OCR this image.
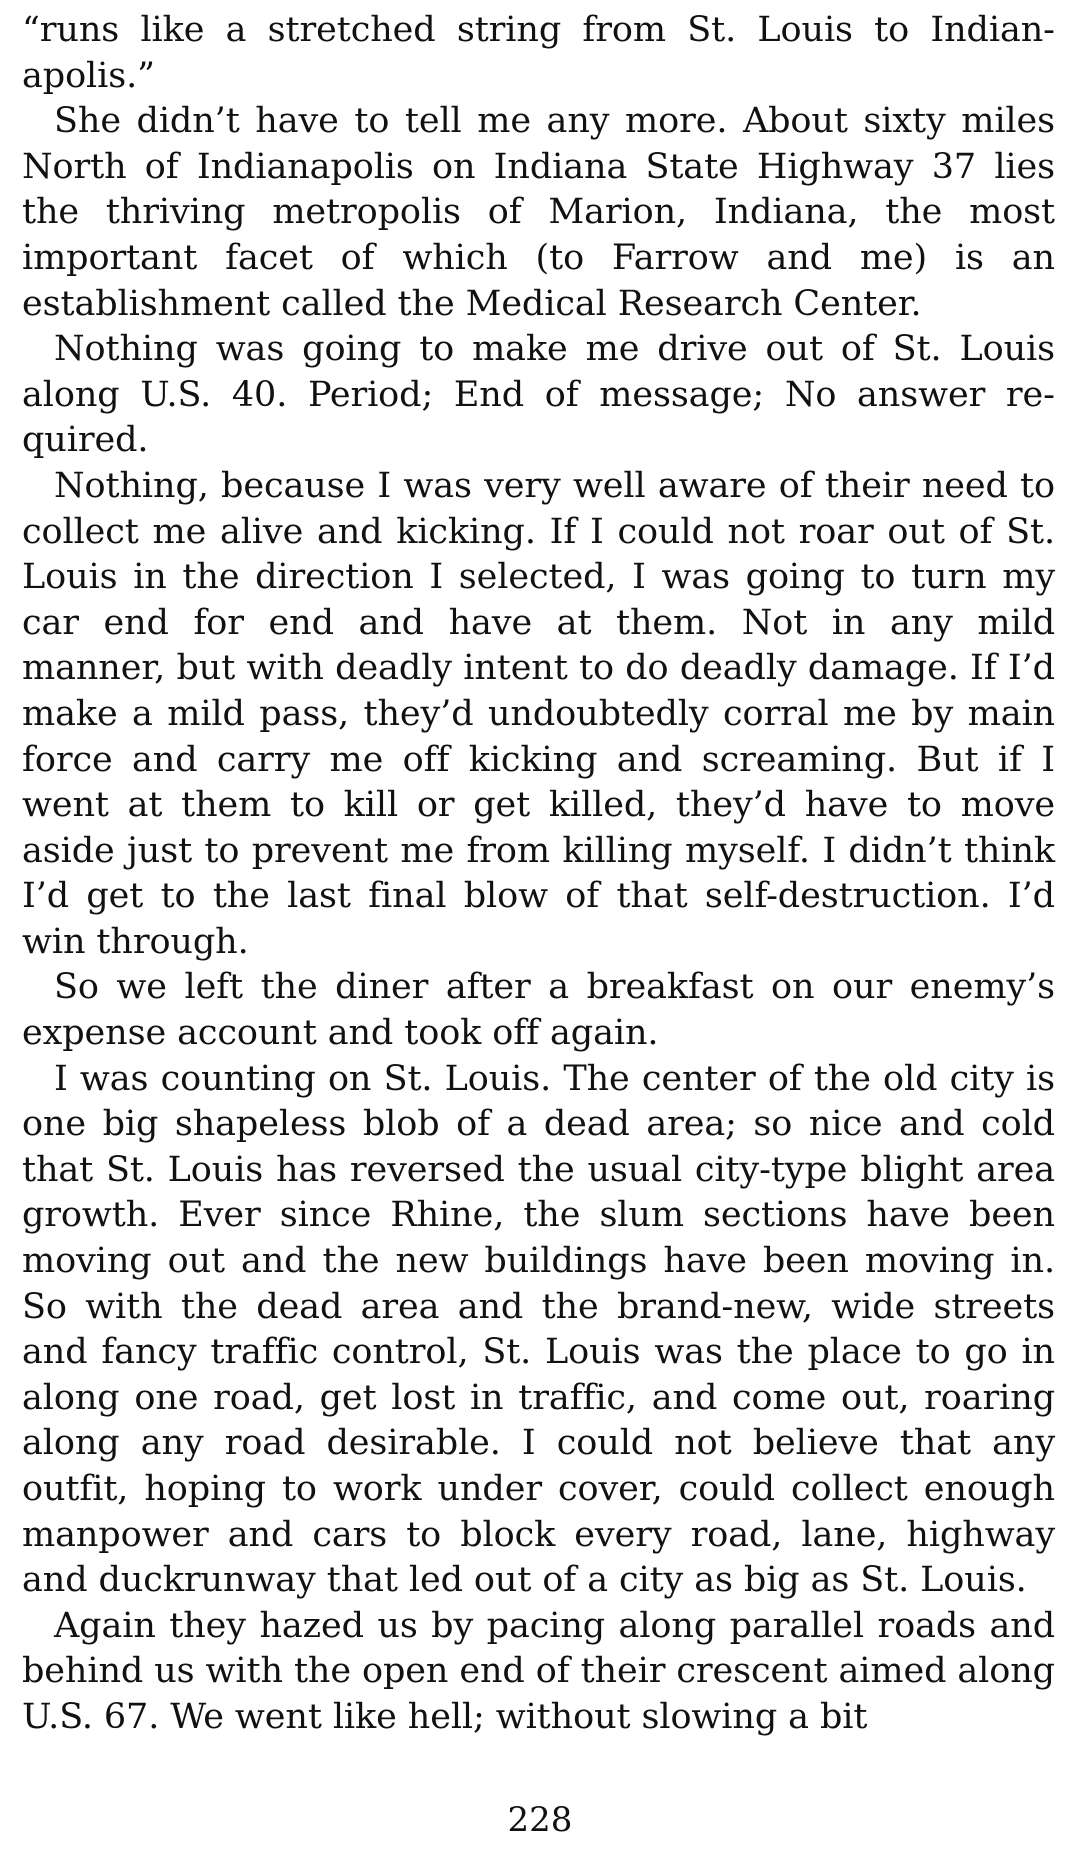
“runs like a stretched string from St. Louis to Indianapolis.”

She didn’t have to tell me any more. About sixty miles North of Indianapolis on Indiana State Highway 37 lies the thriving metropolis of Marion, Indiana, the most important facet of which (to Farrow and me) is an establishment called the Medical Research Center.

Nothing was going to make me drive out of St. Louis along U.S. 40. Period; End of message; No answer required.

Nothing, because I was very well aware of their need to collect me alive and kicking. If I could not roar out of St. Louis in the direction I selected, I was going to turn my car end for end and have at them. Not in any mild manner, but with deadly intent to do deadly damage. If I’d make a mild pass, they’d undoubtedly corral me by main force and carry me off kicking and screaming. But if I went at them to kill or get killed, they’d have to move aside just to prevent me from killing myself. I didn’t think I’d get to the last final blow of that self-destruction. I’d win through.

So we left the diner after a breakfast on our enemy’s expense account and took off again.

I was counting on St. Louis. The center of the old city is one big shapeless blob of a dead area; so nice and cold that St. Louis has reversed the usual city-type blight area growth. Ever since Rhine, the slum sections have been moving out and the new buildings have been moving in. So with the dead area and the brand-new, wide streets and fancy traffic control, St. Louis was the place to go in along one road, get lost in traffic, and come out, roaring along any road desirable. I could not believe that any outfit, hoping to work under cover, could collect enough manpower and cars to block every road, lane, highway and duckrunway that led out of a city as big as St. Louis.

Again they hazed us by pacing along parallel roads and behind us with the open end of their crescent aimed along U.S. 67. We went like hell; without slowing a bit

228
